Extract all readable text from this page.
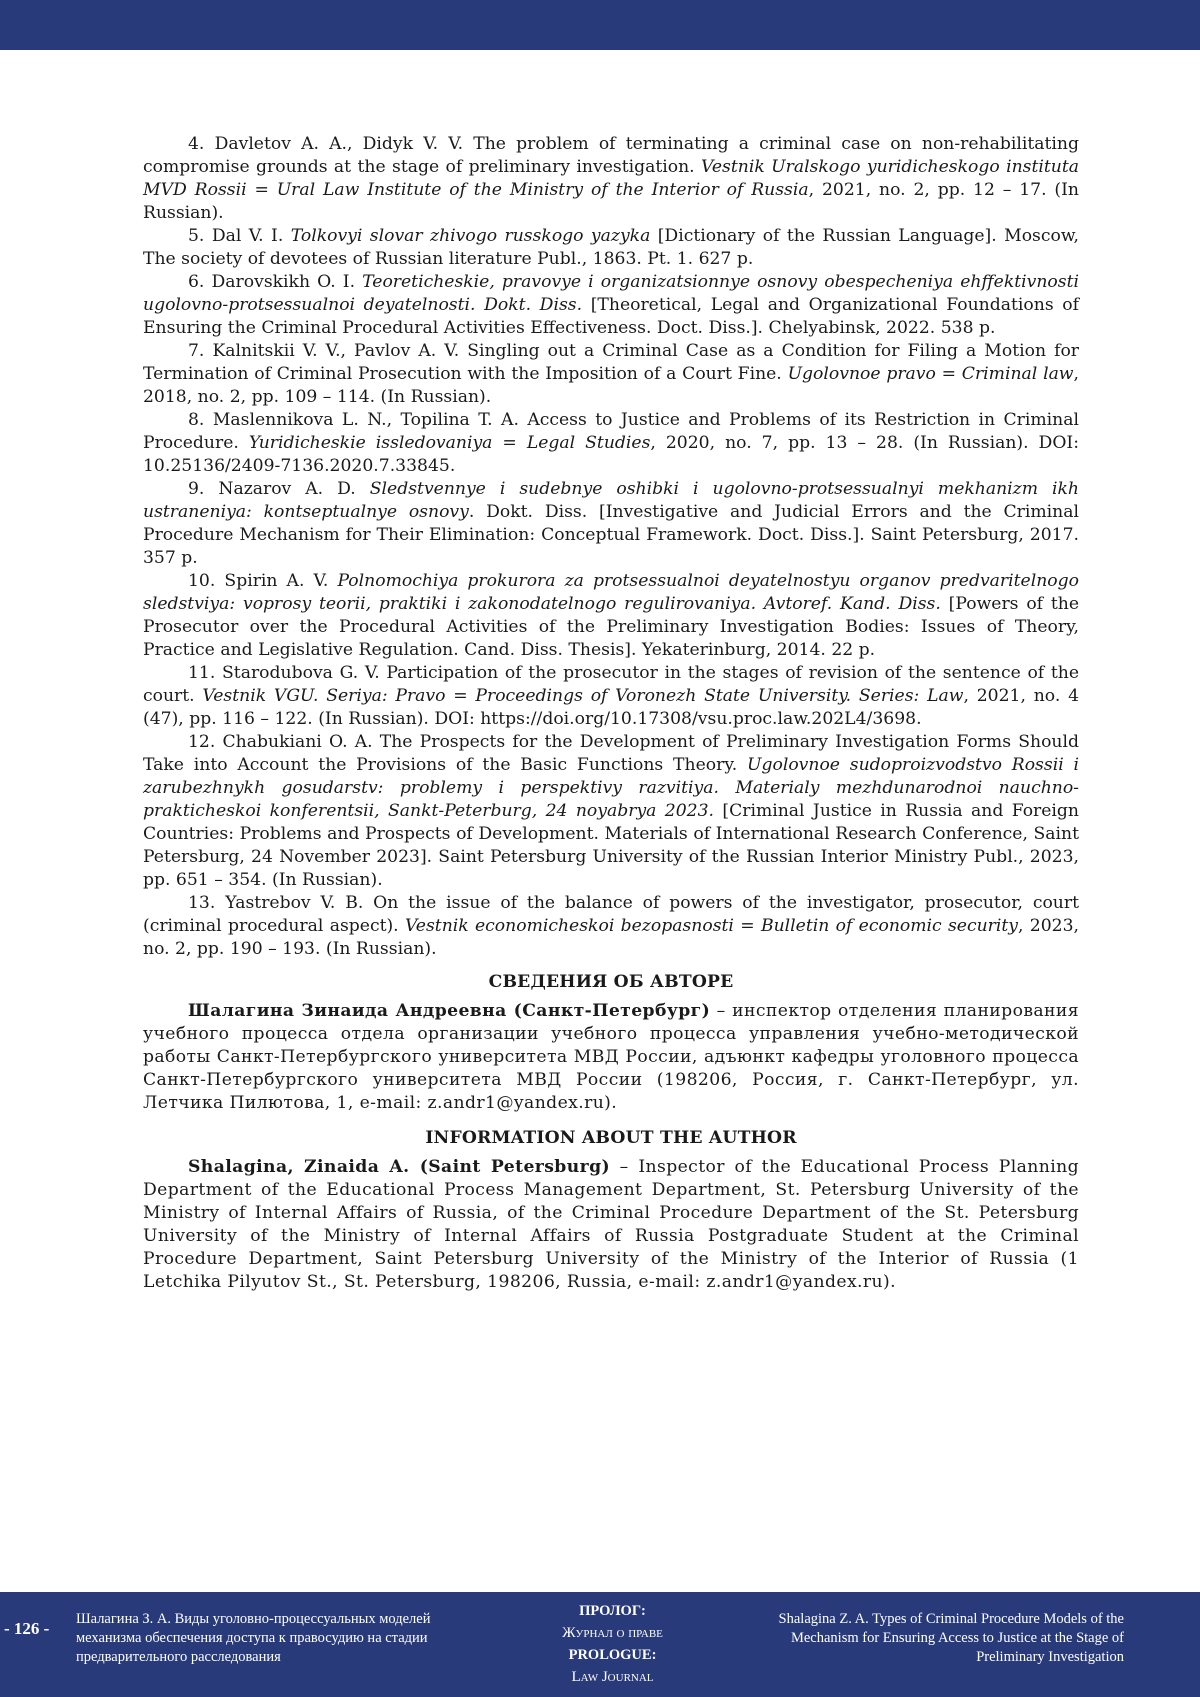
4. Davletov A. A., Didyk V. V. The problem of terminating a criminal case on non-rehabilitating compromise grounds at the stage of preliminary investigation. Vestnik Uralskogo yuridicheskogo instituta MVD Rossii = Ural Law Institute of the Ministry of the Interior of Russia, 2021, no. 2, pp. 12 – 17. (In Russian).

5. Dal V. I. Tolkovyi slovar zhivogo russkogo yazyka [Dictionary of the Russian Language]. Moscow, The society of devotees of Russian literature Publ., 1863. Pt. 1. 627 p.

6. Darovskikh O. I. Teoreticheskie, pravovye i organizatsionnye osnovy obespecheniya ehffektivnosti ugolovno-protsessualnoi deyatelnosti. Dokt. Diss. [Theoretical, Legal and Organizational Foundations of Ensuring the Criminal Procedural Activities Effectiveness. Doct. Diss.]. Chelyabinsk, 2022. 538 p.

7. Kalnitskii V. V., Pavlov A. V. Singling out a Criminal Case as a Condition for Filing a Motion for Termination of Criminal Prosecution with the Imposition of a Court Fine. Ugolovnoe pravo = Criminal law, 2018, no. 2, pp. 109 – 114. (In Russian).

8. Maslennikova L. N., Topilina T. A. Access to Justice and Problems of its Restriction in Criminal Procedure. Yuridicheskie issledovaniya = Legal Studies, 2020, no. 7, pp. 13 – 28. (In Russian). DOI: 10.25136/2409-7136.2020.7.33845.

9. Nazarov A. D. Sledstvennye i sudebnye oshibki i ugolovno-protsessualnyi mekhanizm ikh ustraneniya: kontseptualnye osnovy. Dokt. Diss. [Investigative and Judicial Errors and the Criminal Procedure Mechanism for Their Elimination: Conceptual Framework. Doct. Diss.]. Saint Petersburg, 2017. 357 p.

10. Spirin A. V. Polnomochiya prokurora za protsessualnoi deyatelnostyu organov predvaritelnogo sledstviya: voprosy teorii, praktiki i zakonodatelnogo regulirovaniya. Avtoref. Kand. Diss. [Powers of the Prosecutor over the Procedural Activities of the Preliminary Investigation Bodies: Issues of Theory, Practice and Legislative Regulation. Cand. Diss. Thesis]. Yekaterinburg, 2014. 22 p.

11. Starodubova G. V. Participation of the prosecutor in the stages of revision of the sentence of the court. Vestnik VGU. Seriya: Pravo = Proceedings of Voronezh State University. Series: Law, 2021, no. 4 (47), pp. 116 – 122. (In Russian). DOI: https://doi.org/10.17308/vsu.proc.law.202L4/3698.

12. Chabukiani O. A. The Prospects for the Development of Preliminary Investigation Forms Should Take into Account the Provisions of the Basic Functions Theory. Ugolovnoe sudoproizvodstvo Rossii i zarubezhnykh gosudarstv: problemy i perspektivy razvitiya. Materialy mezhdunarodnoi nauchno-prakticheskoi konferentsii, Sankt-Peterburg, 24 noyabrya 2023. [Criminal Justice in Russia and Foreign Countries: Problems and Prospects of Development. Materials of International Research Conference, Saint Petersburg, 24 November 2023]. Saint Petersburg University of the Russian Interior Ministry Publ., 2023, pp. 651 – 354. (In Russian).

13. Yastrebov V. B. On the issue of the balance of powers of the investigator, prosecutor, court (criminal procedural aspect). Vestnik economicheskoi bezopasnosti = Bulletin of economic security, 2023, no. 2, pp. 190 – 193. (In Russian).

СВЕДЕНИЯ ОБ АВТОРЕ

Шалагина Зинаида Андреевна (Санкт-Петербург) – инспектор отделения планирования учебного процесса отдела организации учебного процесса управления учебно-методической работы Санкт-Петербургского университета МВД России, адъюнкт кафедры уголовного процесса Санкт-Петербургского университета МВД России (198206, Россия, г. Санкт-Петербург, ул. Летчика Пилютова, 1, e-mail: z.andr1@yandex.ru).

INFORMATION ABOUT THE AUTHOR

Shalagina, Zinaida A. (Saint Petersburg) – Inspector of the Educational Process Planning Department of the Educational Process Management Department, St. Petersburg University of the Ministry of Internal Affairs of Russia, of the Criminal Procedure Department of the St. Petersburg University of the Ministry of Internal Affairs of Russia Postgraduate Student at the Criminal Procedure Department, Saint Petersburg University of the Ministry of the Interior of Russia (1 Letchika Pilyutov St., St. Petersburg, 198206, Russia, e-mail: z.andr1@yandex.ru).

- 126 - Шалагина З. А. Виды уголовно-процессуальных моделей механизма обеспечения доступа к правосудию на стадии предварительного расследования
ПРОЛОГ:
Журнал о праве
PROLOGUE:
Law Journal
Shalagina Z. A. Types of Criminal Procedure Models of the Mechanism for Ensuring Access to Justice at the Stage of Preliminary Investigation
